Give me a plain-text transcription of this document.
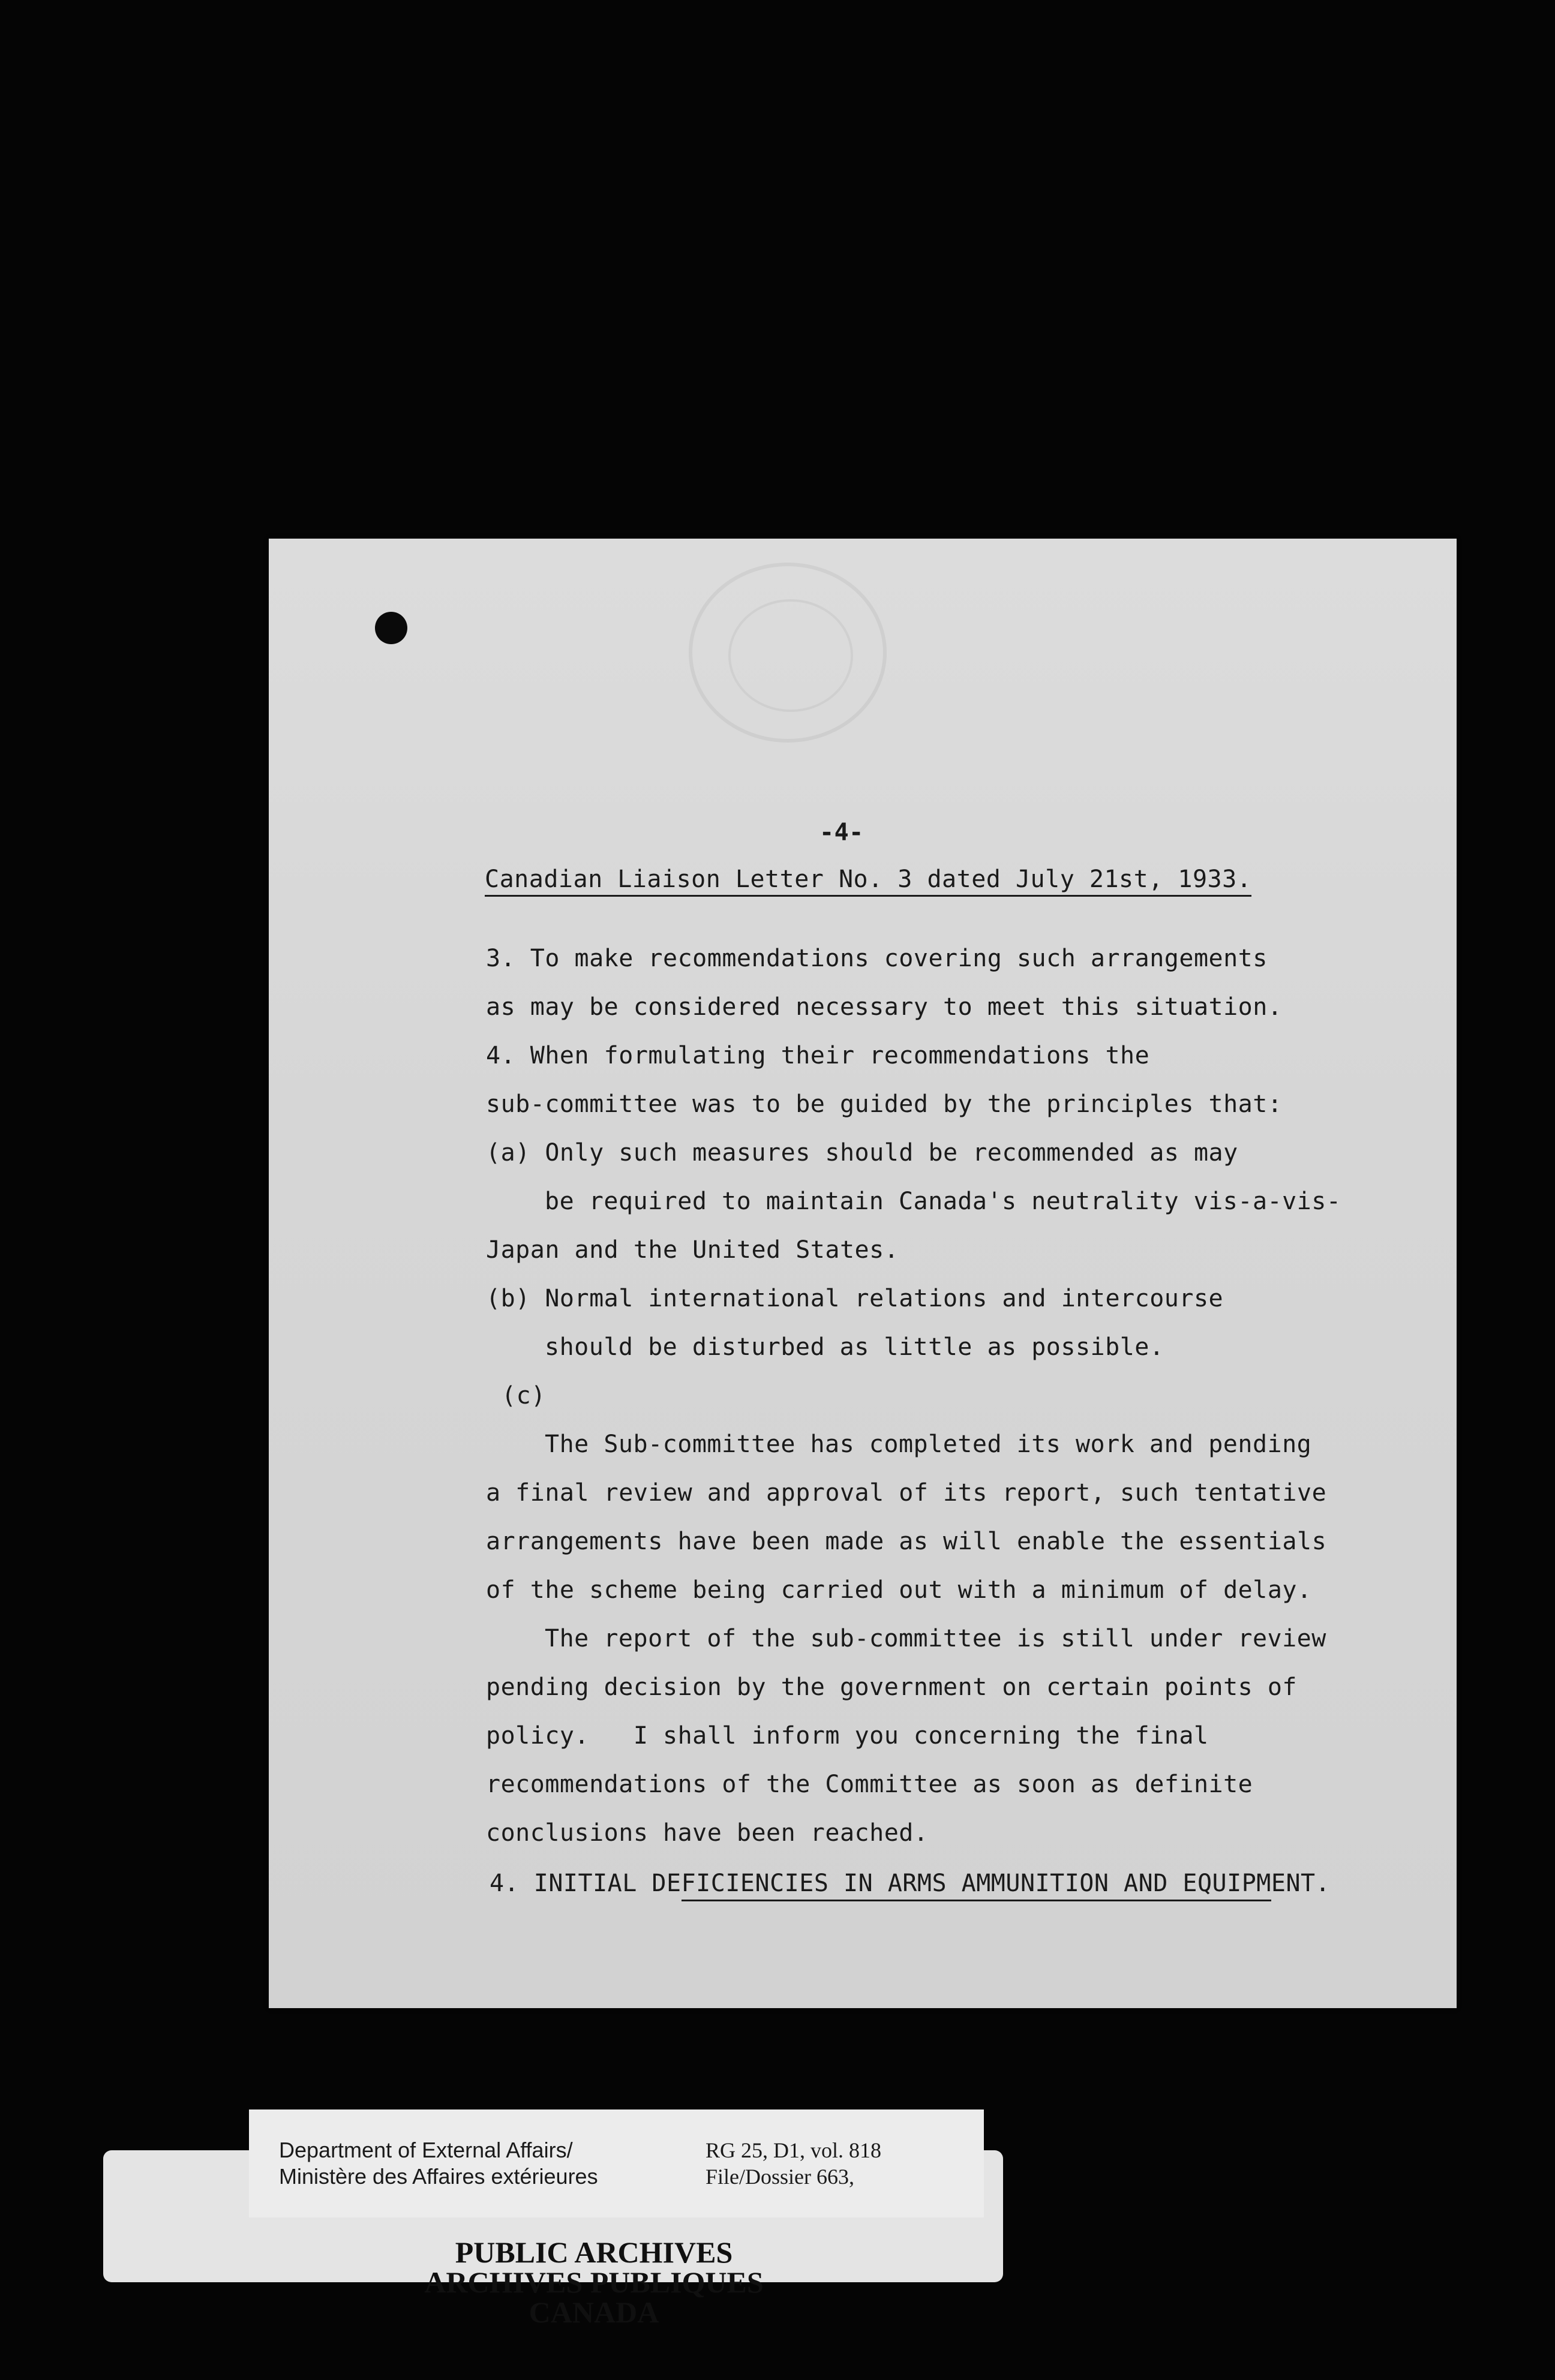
-4-
Canadian Liaison Letter No. 3 dated July 21st, 1933.
3. To make recommendations covering such arrangements
as may be considered necessary to meet this situation.
4. When formulating their recommendations the
sub-committee was to be guided by the principles that:
(a) Only such measures should be recommended as may
be required to maintain Canada's neutrality vis-a-vis-
Japan and the United States.
(b) Normal international relations and intercourse
should be disturbed as little as possible.
(c)
The Sub-committee has completed its work and pending
a final review and approval of its report, such tentative
arrangements have been made as will enable the essentials
of the scheme being carried out with a minimum of delay.
The report of the sub-committee is still under review
pending decision by the government on certain points of
policy.   I shall inform you concerning the final
recommendations of the Committee as soon as definite
conclusions have been reached.
4. INITIAL DEFICIENCIES IN ARMS AMMUNITION AND EQUIPMENT.
Department of External Affairs/
Ministère des Affaires extérieures
RG 25, D1, vol. 818
File/Dossier 663,
PUBLIC ARCHIVES
ARCHIVES PUBLIQUES
CANADA
